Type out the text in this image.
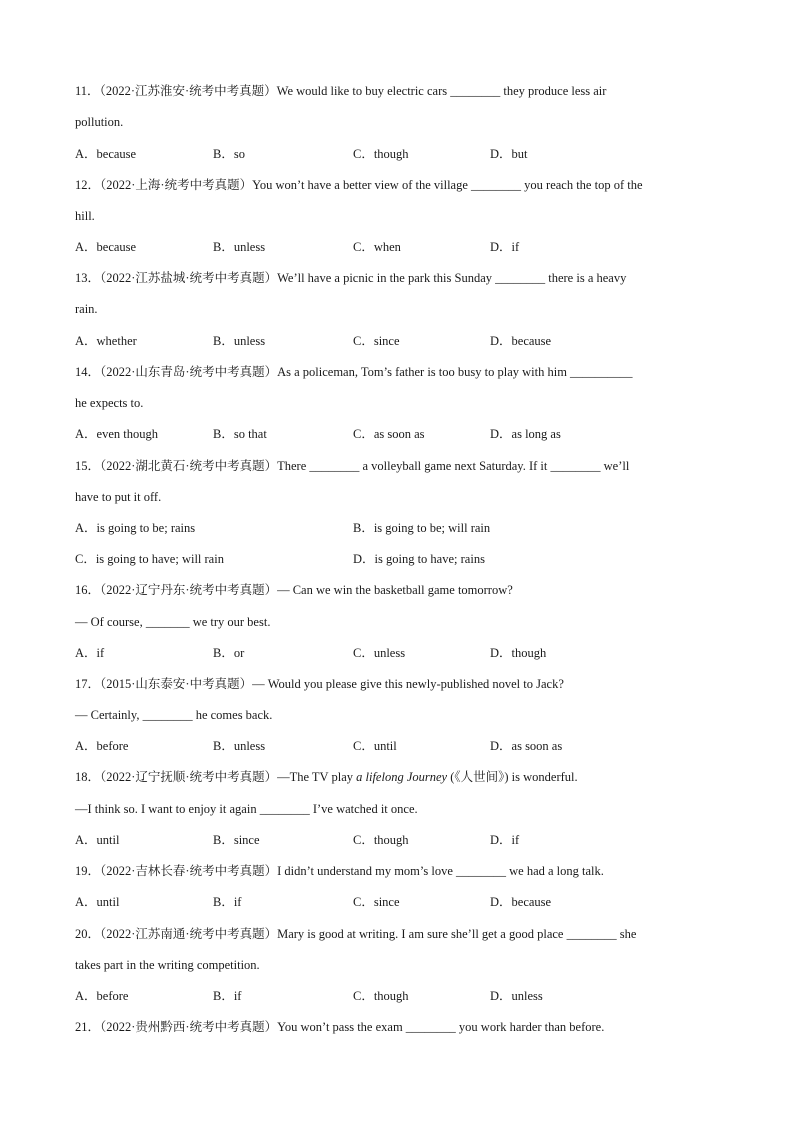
11．（2022·江苏淮安·统考中考真题）We would like to buy electric cars ________ they produce less air
pollution.
A．because	B．so	C．though	D．but
12．（2022·上海·统考中考真题）You won’t have a better view of the village ________ you reach the top of the
hill.
A．because	B．unless	C．when	D．if
13．（2022·江苏盐城·统考中考真题）We’ll have a picnic in the park this Sunday ________ there is a heavy
rain.
A．whether	B．unless	C．since	D．because
14．（2022·山东青岛·统考中考真题）As a policeman, Tom’s father is too busy to play with him __________
he expects to.
A．even though	B．so that	C．as soon as	D．as long as
15．（2022·湖北黄石·统考中考真题）There ________ a volleyball game next Saturday. If it ________ we’ll
have to put it off.
A．is going to be; rains	B．is going to be; will rain
C．is going to have; will rain	D．is going to have; rains
16．（2022·辽宁丹东·统考中考真题）— Can we win the basketball game tomorrow?
— Of course, _______ we try our best.
A．if	B．or	C．unless	D．though
17．（2015·山东泰安·中考真题）— Would you please give this newly-published novel to Jack?
— Certainly, ________ he comes back.
A．before	B．unless	C．until	D．as soon as
18．（2022·辽宁抚顺·统考中考真题）—The TV play a lifelong Journey (《人世间》) is wonderful.
—I think so. I want to enjoy it again ________ I’ve watched it once.
A．until	B．since	C．though	D．if
19．（2022·吉林长春·统考中考真题）I didn’t understand my mom’s love ________ we had a long talk.
A．until	B．if	C．since	D．because
20．（2022·江苏南通·统考中考真题）Mary is good at writing. I am sure she’ll get a good place ________ she
takes part in the writing competition.
A．before	B．if	C．though	D．unless
21．（2022·贵州黔西·统考中考真题）You won’t pass the exam ________ you work harder than before.
